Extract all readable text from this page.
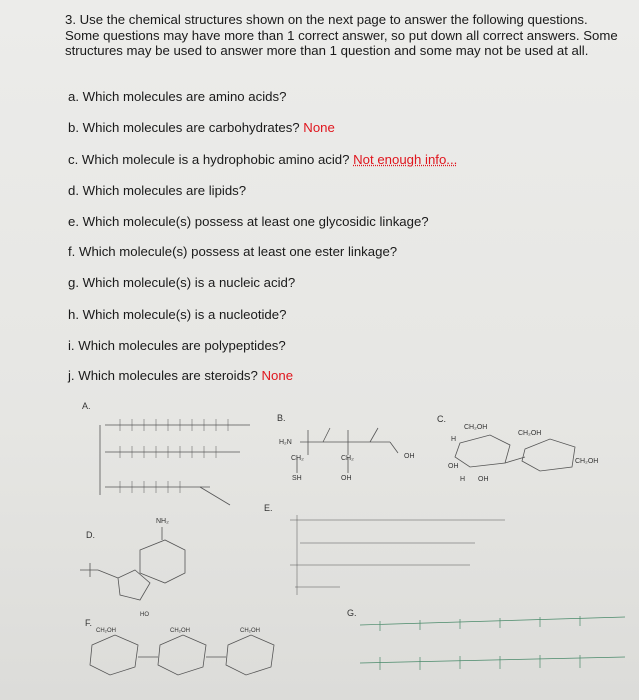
3. Use the chemical structures shown on the next page to answer the following questions. Some questions may have more than 1 correct answer, so put down all correct answers. Some structures may be used to answer more than 1 question and some may not be used at all.
a. Which molecules are amino acids?
b. Which molecules are carbohydrates? None
c. Which molecule is a hydrophobic amino acid? Not enough info...
d. Which molecules are lipids?
e. Which molecule(s) possess at least one glycosidic linkage?
f. Which molecule(s) possess at least one ester linkage?
g. Which molecule(s) is a nucleic acid?
h. Which molecule(s) is a nucleotide?
i. Which molecules are polypeptides?
j. Which molecules are steroids? None
A.
B.	C.
D.
E.
F.
G.
H₂N
OH
CH₂
SH
CH₂
OH
CH₂OH
CH₂OH
CH₂OH
OH
OH
H
H
NH₂
HO
CH₂OH	CH₂OH	CH₂OH
